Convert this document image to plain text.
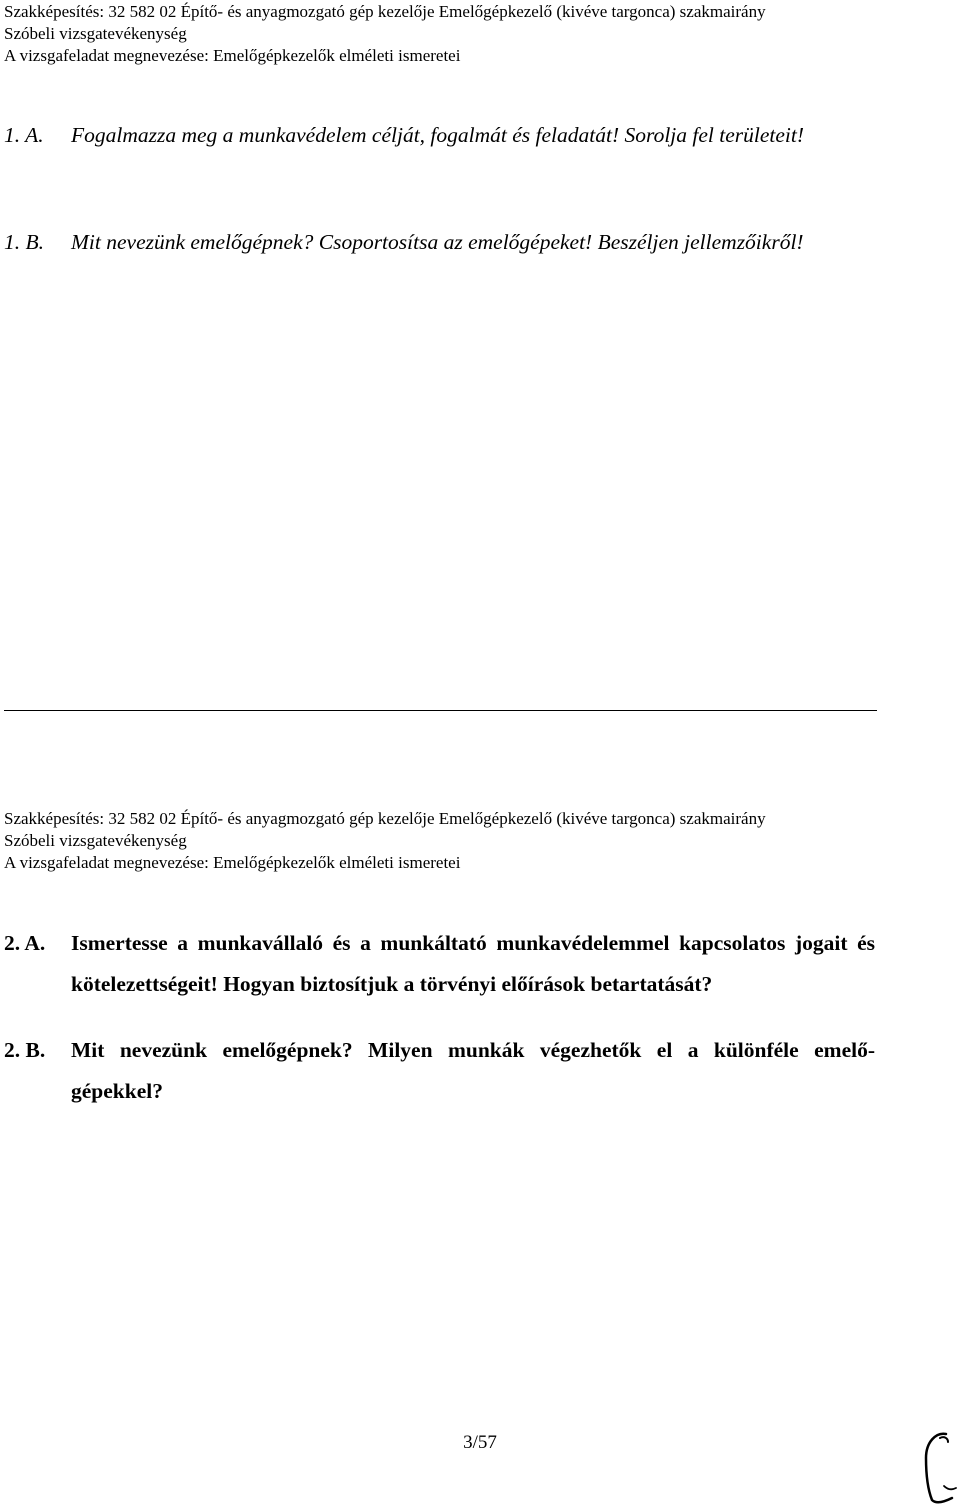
Szakképesítés: 32 582 02 Építő- és anyagmozgató gép kezelője Emelőgépkezelő (kivéve targonca) szakmairány
Szóbeli vizsgatevékenység
A vizsgafeladat megnevezése: Emelőgépkezelők elméleti ismeretei
1. A. Fogalmazza meg a munkavédelem célját, fogalmát és feladatát! Sorolja fel területeit!
1. B. Mit nevezünk emelőgépnek? Csoportosítsa az emelőgépeket! Beszéljen jellemzőikről!
Szakképesítés: 32 582 02 Építő- és anyagmozgató gép kezelője Emelőgépkezelő (kivéve targonca) szakmairány
Szóbeli vizsgatevékenység
A vizsgafeladat megnevezése: Emelőgépkezelők elméleti ismeretei
2. A. Ismertesse a munkavállaló és a munkáltató munkavédelemmel kapcsolatos jogait és kötelezettségeit! Hogyan biztosítjuk a törvényi előírások betartatását?
2. B. Mit nevezünk emelőgépnek? Milyen munkák végezhetők el a különféle emelő-gépekkel?
3/57
